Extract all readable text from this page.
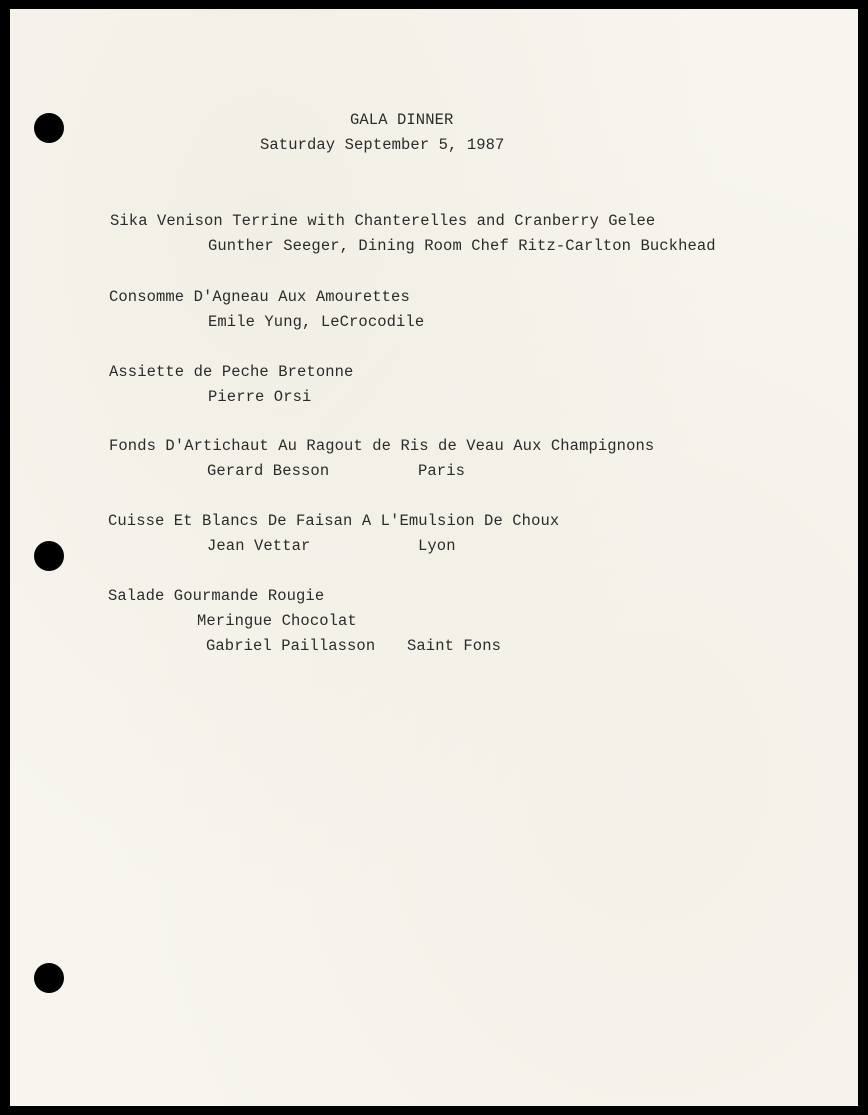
GALA DINNER
Saturday September 5, 1987
Sika Venison Terrine with Chanterelles and Cranberry Gelee
Gunther Seeger, Dining Room Chef Ritz-Carlton Buckhead
Consomme D'Agneau Aux Amourettes
Emile Yung, LeCrocodile
Assiette de Peche Bretonne
Pierre Orsi
Fonds D'Artichaut Au Ragout de Ris de Veau Aux Champignons
Gerard Besson	Paris
Cuisse Et Blancs De Faisan A L'Emulsion De Choux
Jean Vettar	Lyon
Salade Gourmande Rougie
Meringue Chocolat
Gabriel Paillasson Saint Fons
